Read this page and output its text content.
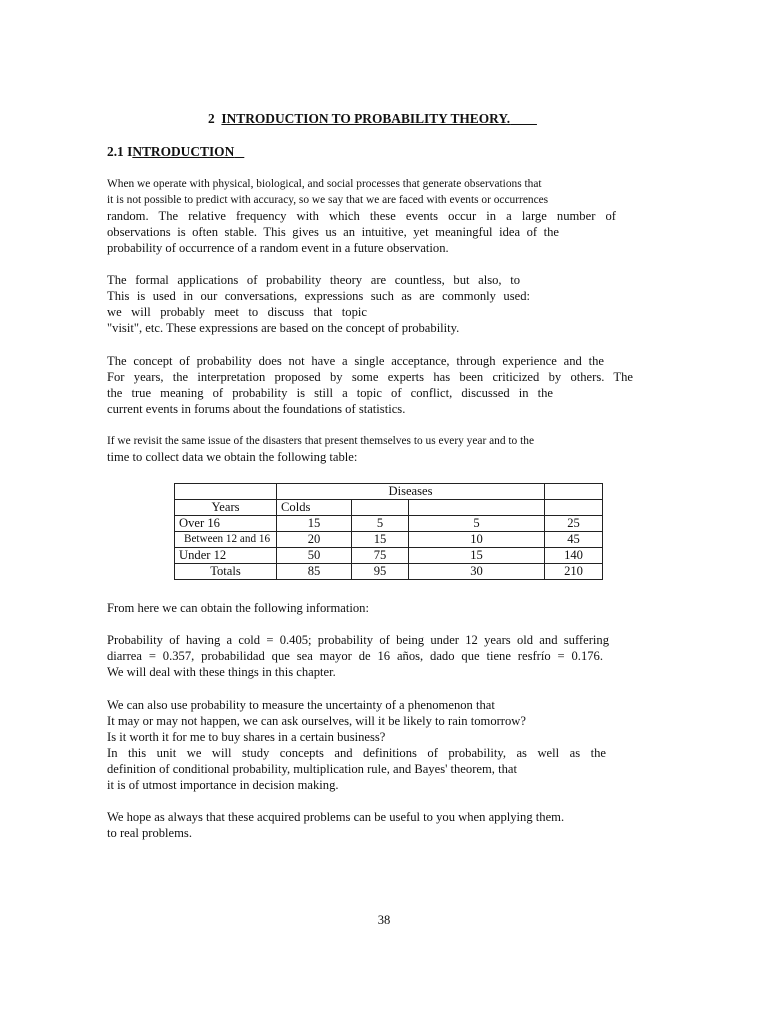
2 INTRODUCTION TO PROBABILITY THEORY.
2.1 INTRODUCTION
When we operate with physical, biological, and social processes that generate observations that
it is not possible to predict with accuracy, so we say that we are faced with events or occurrences
random. The relative frequency with which these events occur in a large number of
observations is often stable. This gives us an intuitive, yet meaningful idea of the
probability of occurrence of a random event in a future observation.
The formal applications of probability theory are countless, but also, to
This is used in our conversations, expressions such as are commonly used:
we will probably meet to discuss that topic
"visit", etc. These expressions are based on the concept of probability.
The concept of probability does not have a single acceptance, through experience and the
For years, the interpretation proposed by some experts has been criticized by others. The
the true meaning of probability is still a topic of conflict, discussed in the
current events in forums about the foundations of statistics.
If we revisit the same issue of the disasters that present themselves to us every year and to the
time to collect data we obtain the following table:
	Diseases			
Years	Colds			
Over 16	15	5	5	25
Between 12 and 16	20	15	10	45
Under 12	50	75	15	140
Totals	85	95	30	210
From here we can obtain the following information:
Probability of having a cold = 0.405; probability of being under 12 years old and suffering
diarrea = 0.357, probabilidad que sea mayor de 16 años, dado que tiene resfrío = 0.176.
We will deal with these things in this chapter.
We can also use probability to measure the uncertainty of a phenomenon that
It may or may not happen, we can ask ourselves, will it be likely to rain tomorrow?
Is it worth it for me to buy shares in a certain business?
In this unit we will study concepts and definitions of probability, as well as the
definition of conditional probability, multiplication rule, and Bayes' theorem, that
it is of utmost importance in decision making.
We hope as always that these acquired problems can be useful to you when applying them.
to real problems.
38
